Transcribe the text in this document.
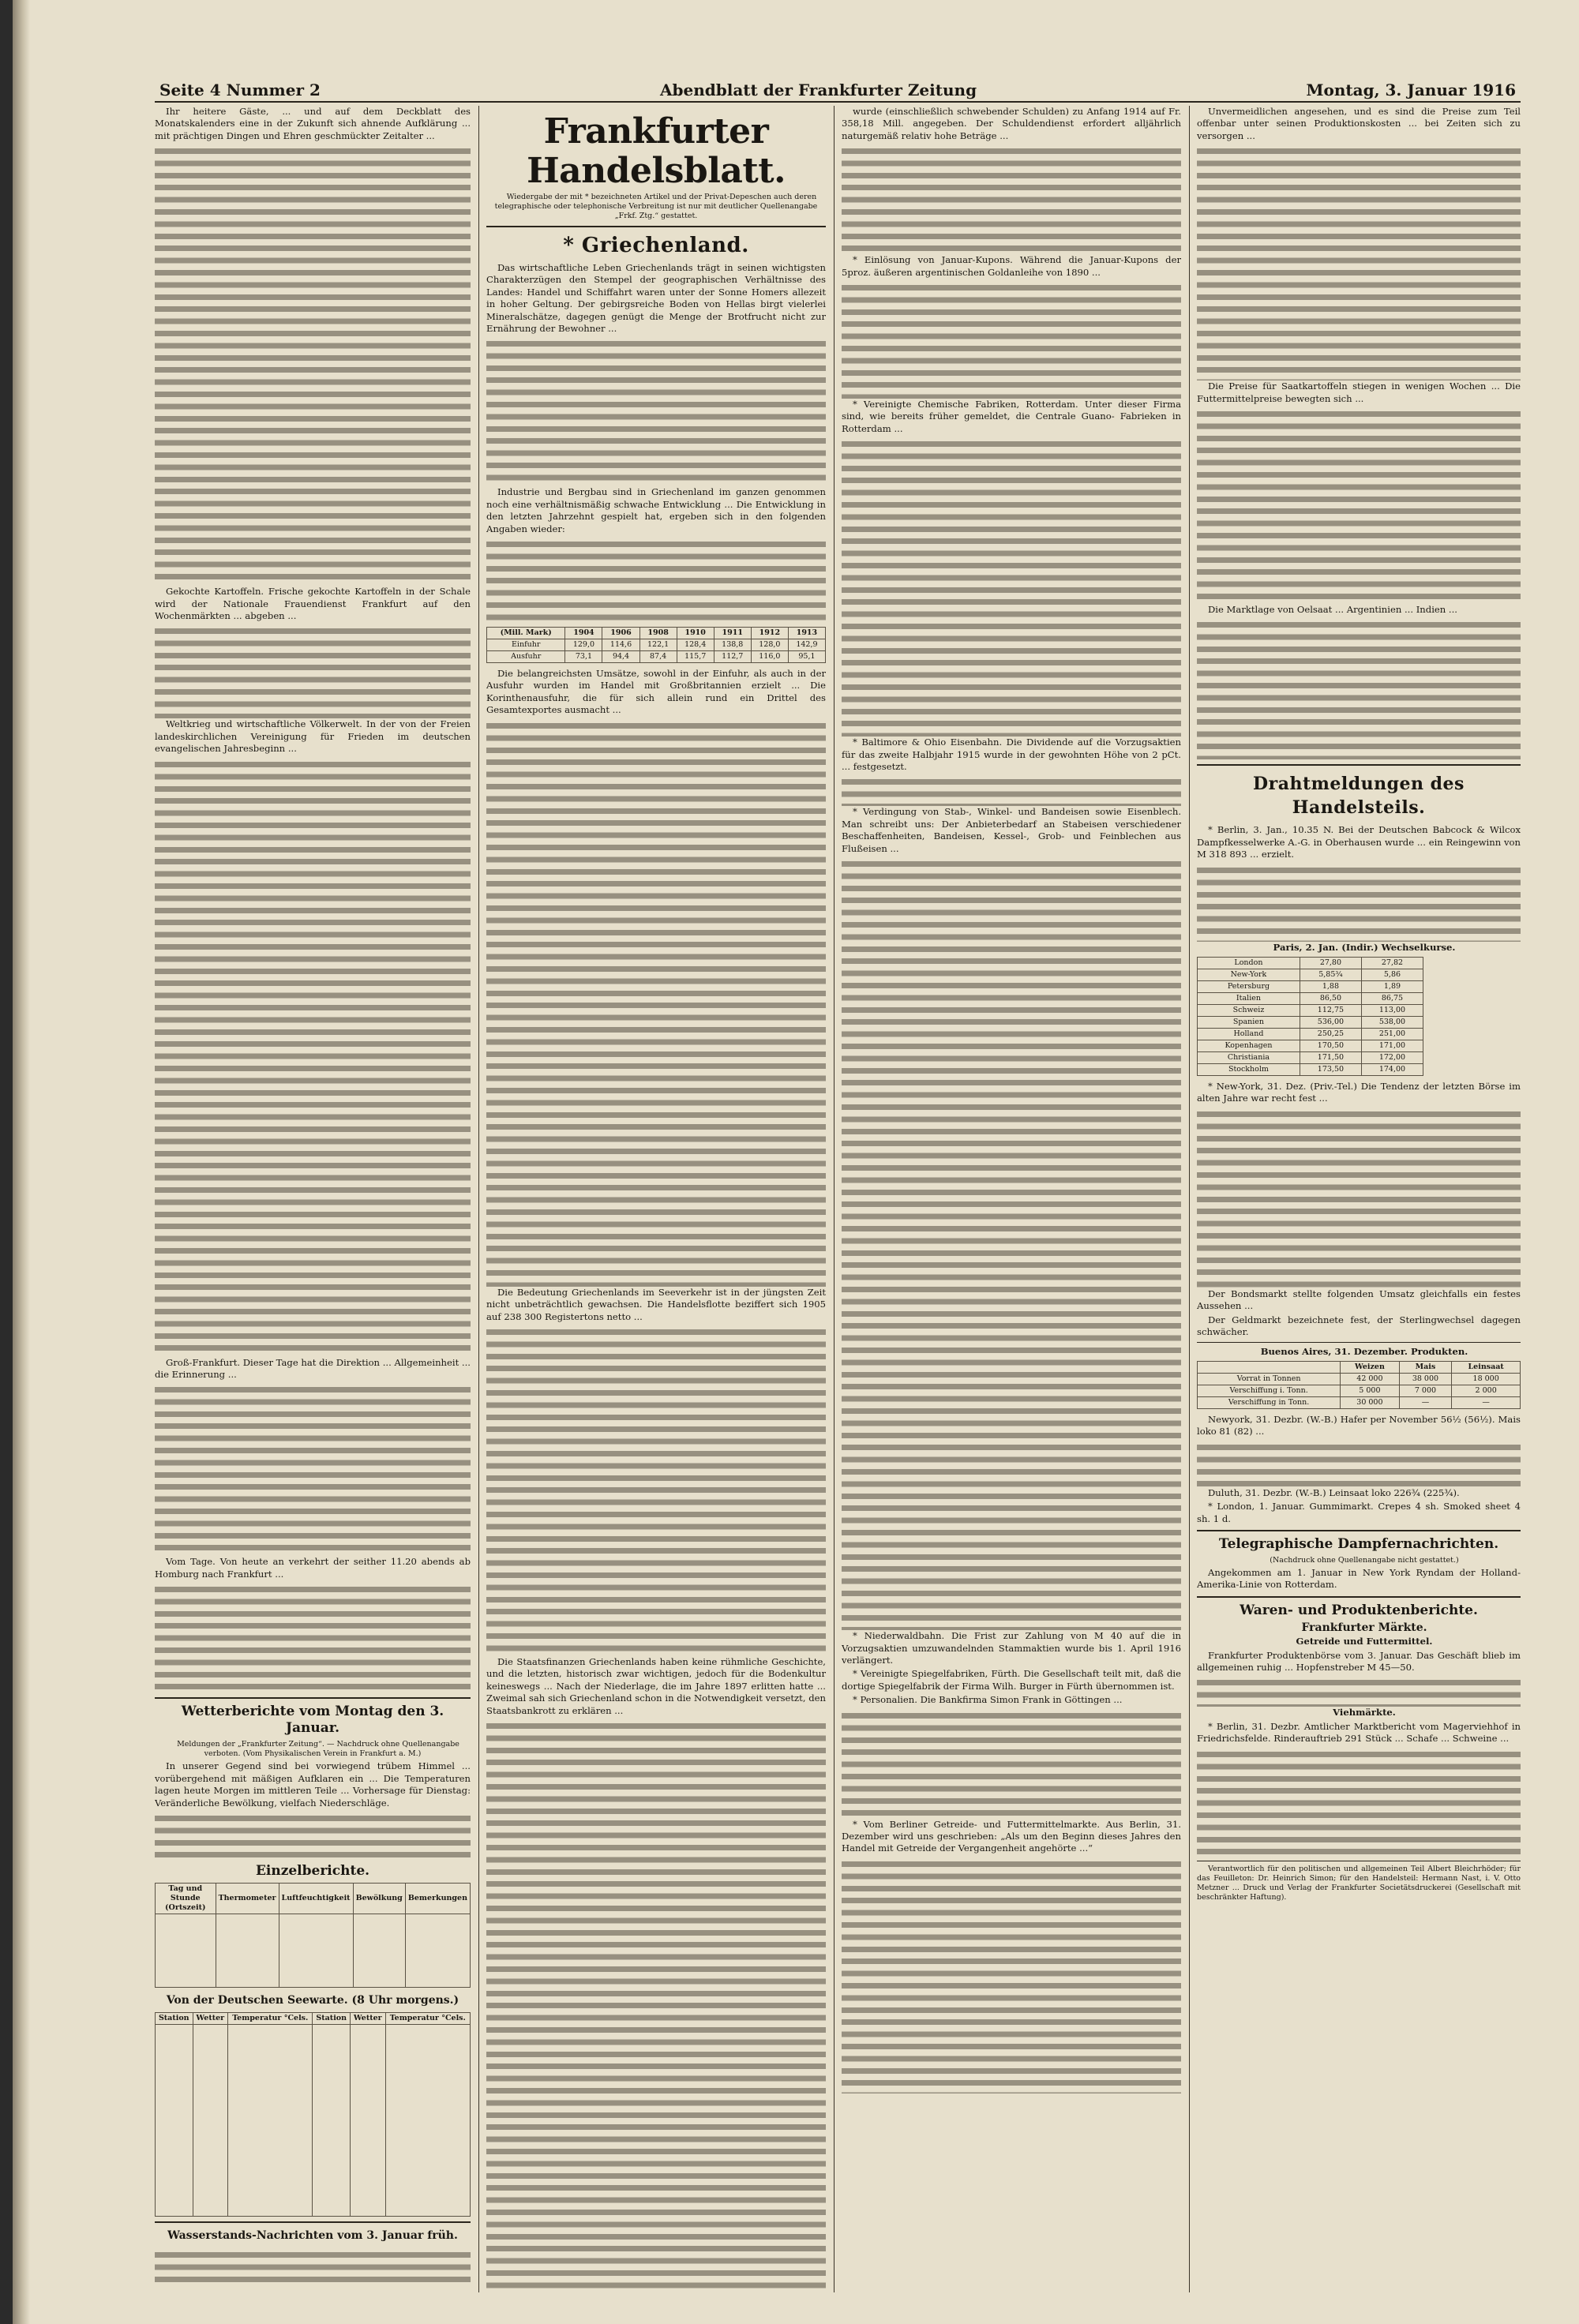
Seite 4 Nummer 2	Abendblatt der Frankfurter Zeitung	Montag, 3. Januar 1916

Ihr heitere Gäste, ... und auf dem Deckblatt des Monatskalenders eine in der Zukunft sich ahnende Aufklärung ... mit prächtigen Dingen und Ehren geschmückter Zeitalter ...

Gekochte Kartoffeln. Frische gekochte Kartoffeln in der Schale wird der Nationale Frauendienst Frankfurt auf den Wochenmärkten ... abgeben ...

Weltkrieg und wirtschaftliche Völkerwelt. In der von der Freien landeskirchlichen Vereinigung für Frieden im deutschen evangelischen Jahresbeginn ...

Groß-Frankfurt. Dieser Tage hat die Direktion ... Allgemeinheit ... die Erinnerung ...

Vom Tage. Von heute an verkehrt der seither 11.20 abends ab Homburg nach Frankfurt ...

Wetterberichte vom Montag den 3. Januar.

Meldungen der „Frankfurter Zeitung“. — Nachdruck ohne Quellenangabe verboten. (Vom Physikalischen Verein in Frankfurt a. M.)

In unserer Gegend sind bei vorwiegend trübem Himmel ... vorübergehend mit mäßigen Aufklaren ein ... Die Temperaturen lagen heute Morgen im mittleren Teile ... Vorhersage für Dienstag: Veränderliche Bewölkung, vielfach Niederschläge.

Einzelberichte.
Tag und Stunde (Ortszeit)	Thermometer	Luftfeuchtigkeit	Bewölkung	Bemerkungen

Von der Deutschen Seewarte. (8 Uhr morgens.)
Station	Wetter	Temperatur °Cels.	Station	Wetter	Temperatur °Cels.

Wasserstands-Nachrichten vom 3. Januar früh.
Frankfurter Handelsblatt.

Wiedergabe der mit * bezeichneten Artikel und der Privat-Depeschen auch deren telegraphische oder telephonische Verbreitung ist nur mit deutlicher Quellenangabe „Frkf. Ztg.“ gestattet.

* Griechenland.

Das wirtschaftliche Leben Griechenlands trägt in seinen wichtigsten Charakterzügen den Stempel der geographischen Verhältnisse des Landes: Handel und Schiffahrt waren unter der Sonne Homers allezeit in hoher Geltung. Der gebirgsreiche Boden von Hellas birgt vielerlei Mineralschätze, dagegen genügt die Menge der Brotfrucht nicht zur Ernährung der Bewohner ...

Industrie und Bergbau sind in Griechenland im ganzen genommen noch eine verhältnismäßig schwache Entwicklung ... Die Entwicklung in den letzten Jahrzehnt gespielt hat, ergeben sich in den folgenden Angaben wieder:

(Mill. Mark)	1904	1906	1908	1910	1911	1912	1913
Einfuhr	129,0	114,6	122,1	128,4	138,8	128,0	142,9
Ausfuhr	73,1	94,4	87,4	115,7	112,7	116,0	95,1

Die belangreichsten Umsätze, sowohl in der Einfuhr, als auch in der Ausfuhr wurden im Handel mit Großbritannien erzielt ... Die Korinthenausfuhr, die für sich allein rund ein Drittel des Gesamtexportes ausmacht ...

Die Bedeutung Griechenlands im Seeverkehr ist in der jüngsten Zeit nicht unbeträchtlich gewachsen. Die Handelsflotte beziffert sich 1905 auf 238 300 Registertons netto ...

Die Staatsfinanzen Griechenlands haben keine rühmliche Geschichte, und die letzten, historisch zwar wichtigen, jedoch für die Bodenkultur keineswegs ... Nach der Niederlage, die im Jahre 1897 erlitten hatte ... Zweimal sah sich Griechenland schon in die Notwendigkeit versetzt, den Staatsbankrott zu erklären ...

wurde (einschließlich schwebender Schulden) zu Anfang 1914 auf Fr. 358,18 Mill. angegeben. Der Schuldendienst erfordert alljährlich naturgemäß relativ hohe Beträge ...

* Einlösung von Januar-Kupons. Während die Januar-Kupons der 5proz. äußeren argentinischen Goldanleihe von 1890 ...

* Vereinigte Chemische Fabriken, Rotterdam. Unter dieser Firma sind, wie bereits früher gemeldet, die Centrale Guano- Fabrieken in Rotterdam ...

* Baltimore & Ohio Eisenbahn. Die Dividende auf die Vorzugsaktien für das zweite Halbjahr 1915 wurde in der gewohnten Höhe von 2 pCt. ... festgesetzt.

* Verdingung von Stab-, Winkel- und Bandeisen sowie Eisenblech. Man schreibt uns: Der Anbieterbedarf an Stabeisen verschiedener Beschaffenheiten, Bandeisen, Kessel-, Grob- und Feinblechen aus Flußeisen ...

* Niederwaldbahn. Die Frist zur Zahlung von M 40 auf die in Vorzugsaktien umzuwandelnden Stammaktien wurde bis 1. April 1916 verlängert.

* Vereinigte Spiegelfabriken, Fürth. Die Gesellschaft teilt mit, daß die dortige Spiegelfabrik der Firma Wilh. Burger in Fürth übernommen ist.

* Personalien. Die Bankfirma Simon Frank in Göttingen ...

* Vom Berliner Getreide- und Futtermittelmarkte. Aus Berlin, 31. Dezember wird uns geschrieben: „Als um den Beginn dieses Jahres den Handel mit Getreide der Vergangenheit angehörte ...“

Unvermeidlichen angesehen, und es sind die Preise zum Teil offenbar unter seinen Produktionskosten ... bei Zeiten sich zu versorgen ...

Die Preise für Saatkartoffeln stiegen in wenigen Wochen ... Die Futtermittelpreise bewegten sich ...

Die Marktlage von Oelsaat ... Argentinien ... Indien ...

Drahtmeldungen des Handelsteils.

* Berlin, 3. Jan., 10.35 N. Bei der Deutschen Babcock & Wilcox Dampfkesselwerke A.-G. in Oberhausen wurde ... ein Reingewinn von M 318 893 ... erzielt.

Paris, 2. Jan. (Indir.) Wechselkurse.

London	27,80	27,82
New-York	5,85¾	5,86
Petersburg	1,88	1,89
Italien	86,50	86,75
Schweiz	112,75	113,00
Spanien	536,00	538,00
Holland	250,25	251,00
Kopenhagen	170,50	171,00
Christiania	171,50	172,00
Stockholm	173,50	174,00

* New-York, 31. Dez. (Priv.-Tel.) Die Tendenz der letzten Börse im alten Jahre war recht fest ...

Der Bondsmarkt stellte folgenden Umsatz gleichfalls ein festes Aussehen ...

Der Geldmarkt bezeichnete fest, der Sterlingwechsel dagegen schwächer.

Buenos Aires, 31. Dezember. Produkten.

	Weizen	Mais	Leinsaat
Vorrat in Tonnen	42 000	38 000	18 000
Verschiffung i. Tonn.	5 000	7 000	2 000
Verschiffung in Tonn.	30 000	—	—

Newyork, 31. Dezbr. (W.-B.) Hafer per November 56½ (56½). Mais loko 81 (82) ...

Duluth, 31. Dezbr. (W.-B.) Leinsaat loko 226¾ (225¾).

* London, 1. Januar. Gummimarkt. Crepes 4 sh. Smoked sheet 4 sh. 1 d.

Telegraphische Dampfernachrichten.

(Nachdruck ohne Quellenangabe nicht gestattet.)

Angekommen am 1. Januar in New York Ryndam der Holland-Amerika-Linie von Rotterdam.

Waren- und Produktenberichte.

Frankfurter Märkte.

Getreide und Futtermittel.

Frankfurter Produktenbörse vom 3. Januar. Das Geschäft blieb im allgemeinen ruhig ... Hopfenstreber M 45—50.

Viehmärkte.

* Berlin, 31. Dezbr. Amtlicher Marktbericht vom Magerviehhof in Friedrichsfelde. Rinderauftrieb 291 Stück ... Schafe ... Schweine ...

Verantwortlich für den politischen und allgemeinen Teil Albert Bleichrhöder; für das Feuilleton: Dr. Heinrich Simon; für den Handelsteil: Hermann Nast, i. V. Otto Metzner ... Druck und Verlag der Frankfurter Societätsdruckerei (Gesellschaft mit beschränkter Haftung).
